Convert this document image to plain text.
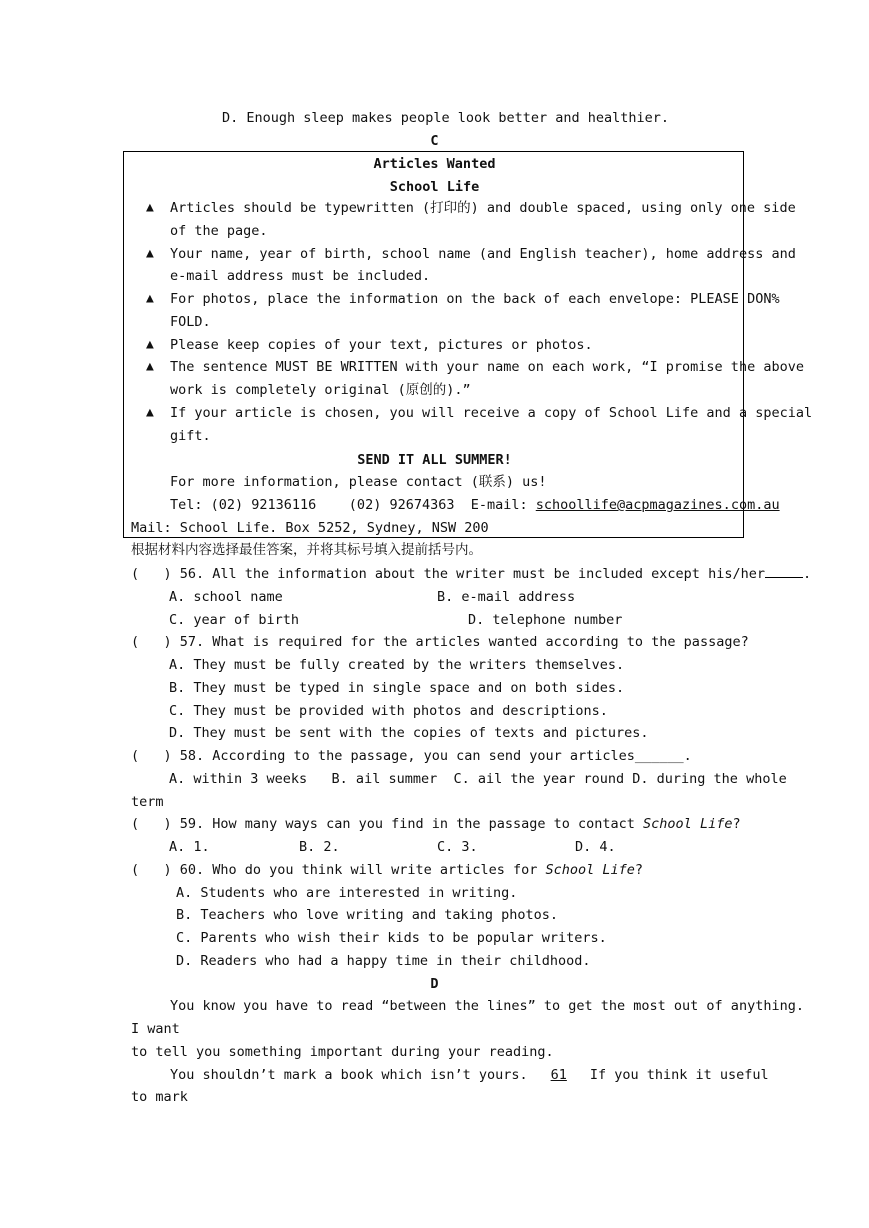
D. Enough sleep makes people look better and healthier.
C
Articles Wanted
School Life
▲ Articles should be typewritten (打印的) and double spaced, using only one side
of the page.
▲ Your name, year of birth, school name (and English teacher), home address and
e-mail address must be included.
▲ For photos, place the information on the back of each envelope: PLEASE DON%
FOLD.
▲ Please keep copies of your text, pictures or photos.
▲ The sentence MUST BE WRITTEN with your name on each work, “I promise the above
work is completely original (原创的).”
▲ If your article is chosen, you will receive a copy of School Life and a special
gift.
SEND IT ALL SUMMER!
For more information, please contact (联系) us!
Tel: (02) 92136116    (02) 92674363  E-mail: schoollife@acpmagazines.com.au
Mail: School Life. Box 5252, Sydney, NSW 200
根据材料内容选择最佳答案，并将其标号填入提前括号内。
(   ) 56. All the information about the writer must be included except his/her	.
A. school name	B. e-mail address
C. year of birth	D. telephone number
(   ) 57. What is required for the articles wanted according to the passage?
A. They must be fully created by the writers themselves.
B. They must be typed in single space and on both sides.
C. They must be provided with photos and descriptions.
D. They must be sent with the copies of texts and pictures.
(   ) 58. According to the passage, you can send your articles______.
A. within 3 weeks   B. ail summer  C. ail the year round D. during the whole
term
(   ) 59. How many ways can you find in the passage to contact School Life?
A. 1.	B. 2.	C. 3.	D. 4.
(   ) 60. Who do you think will write articles for School Life?
A. Students who are interested in writing.
B. Teachers who love writing and taking photos.
C. Parents who wish their kids to be popular writers.
D. Readers who had a happy time in their childhood.
D
You know you have to read “between the lines” to get the most out of anything.
I want
to tell you something important during your reading.
You shouldn’t mark a book which isn’t yours. 61 If you think it useful
to mark
